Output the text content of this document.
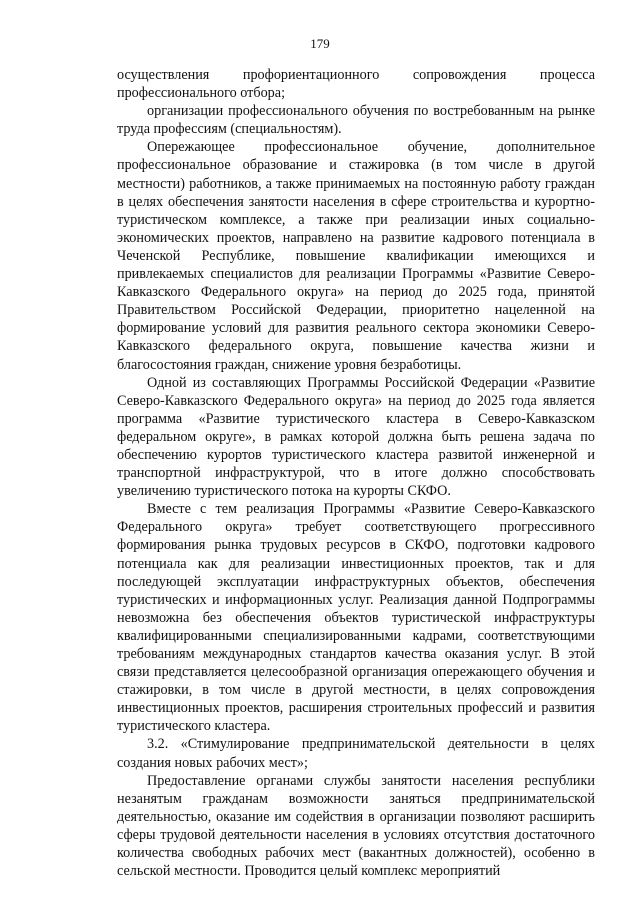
179

осуществления профориентационного сопровождения процесса профессионального отбора;

организации профессионального обучения по востребованным на рынке труда профессиям (специальностям).

Опережающее профессиональное обучение, дополнительное профессиональное образование и стажировка (в том числе в другой местности) работников, а также принимаемых на постоянную работу граждан в целях обеспечения занятости населения в сфере строительства и курортно-туристическом комплексе, а также при реализации иных социально-экономических проектов, направлено на развитие кадрового потенциала в Чеченской Республике, повышение квалификации имеющихся и привлекаемых специалистов для реализации Программы «Развитие Северо-Кавказского Федерального округа» на период до 2025 года, принятой Правительством Российской Федерации, приоритетно нацеленной на формирование условий для развития реального сектора экономики Северо-Кавказского федерального округа, повышение качества жизни и благосостояния граждан, снижение уровня безработицы.

Одной из составляющих Программы Российской Федерации «Развитие Северо-Кавказского Федерального округа» на период до 2025 года является программа «Развитие туристического кластера в Северо-Кавказском федеральном округе», в рамках которой должна быть решена задача по обеспечению курортов туристического кластера развитой инженерной и транспортной инфраструктурой, что в итоге должно способствовать увеличению туристического потока на курорты СКФО.

Вместе с тем реализация Программы «Развитие Северо-Кавказского Федерального округа» требует соответствующего прогрессивного формирования рынка трудовых ресурсов в СКФО, подготовки кадрового потенциала как для реализации инвестиционных проектов, так и для последующей эксплуатации инфраструктурных объектов, обеспечения туристических и информационных услуг. Реализация данной Подпрограммы невозможна без обеспечения объектов туристической инфраструктуры квалифицированными специализированными кадрами, соответствующими требованиям международных стандартов качества оказания услуг. В этой связи представляется целесообразной организация опережающего обучения и стажировки, в том числе в другой местности, в целях сопровождения инвестиционных проектов, расширения строительных профессий и развития туристического кластера.

3.2. «Стимулирование предпринимательской деятельности в целях создания новых рабочих мест»;

Предоставление органами службы занятости населения республики незанятым гражданам возможности заняться предпринимательской деятельностью, оказание им содействия в организации позволяют расширить сферы трудовой деятельности населения в условиях отсутствия достаточного количества свободных рабочих мест (вакантных должностей), особенно в сельской местности. Проводится целый комплекс мероприятий
